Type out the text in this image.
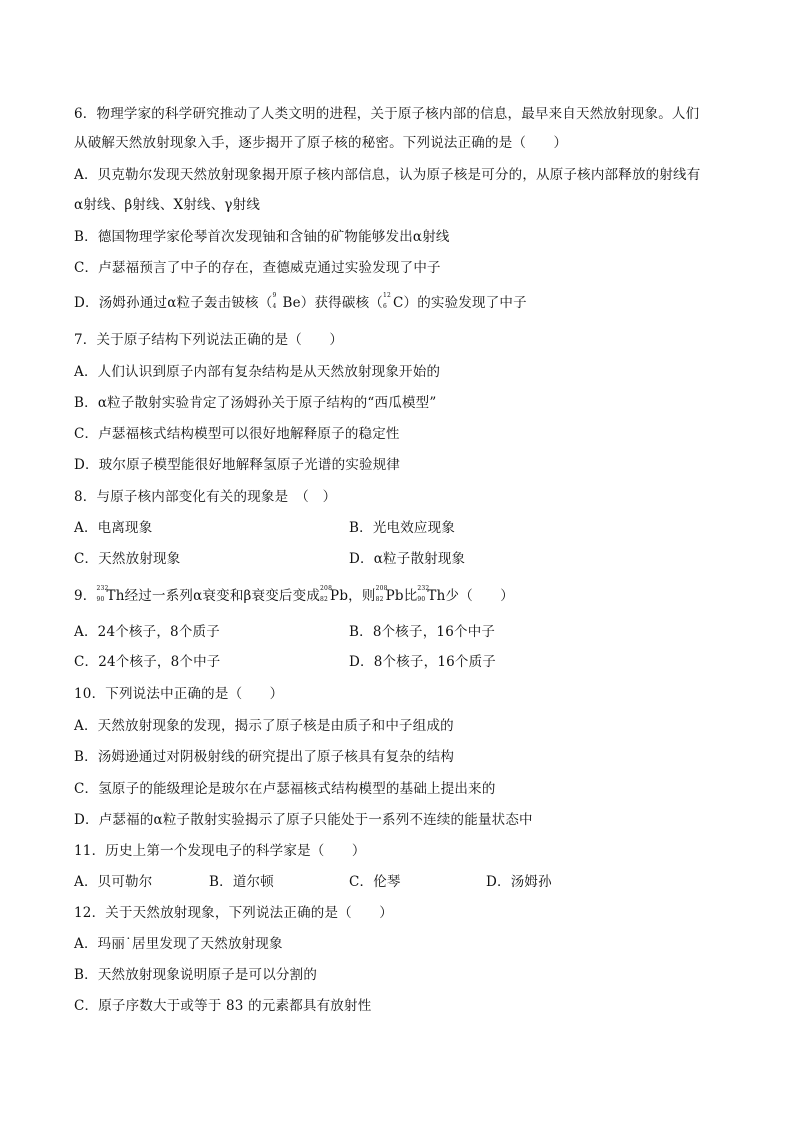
6．物理学家的科学研究推动了人类文明的进程，关于原子核内部的信息，最早来自天然放射现象。人们
从破解天然放射现象入手，逐步揭开了原子核的秘密。下列说法正确的是（　　）
A．贝克勒尔发现天然放射现象揭开原子核内部信息，认为原子核是可分的，从原子核内部释放的射线有
α射线、β射线、X射线、γ射线
B．德国物理学家伦琴首次发现铀和含铀的矿物能够发出α射线
C．卢瑟福预言了中子的存在，查德威克通过实验发现了中子
D．汤姆孙通过α粒子轰击铍核（ 9
4 Be）获得碳核（ 12
6 C）的实验发现了中子
7．关于原子结构下列说法正确的是（　　）
A．人们认识到原子内部有复杂结构是从天然放射现象开始的
B．α粒子散射实验肯定了汤姆孙关于原子结构的“西瓜模型”
C．卢瑟福核式结构模型可以很好地解释原子的稳定性
D．玻尔原子模型能很好地解释氢原子光谱的实验规律
8．与原子核内部变化有关的现象是　（　）
A．电离现象	B．光电效应现象
C．天然放射现象	D．α粒子散射现象
9． 232
90 Th经过一系列α衰变和β衰变后变成 208
82 Pb，则 208
82 Pb比 232
90 Th少（　　）
A．24个核子，8个质子	B．8个核子，16个中子
C．24个核子，8个中子	D．8个核子，16个质子
10．下列说法中正确的是（　　）
A．天然放射现象的发现，揭示了原子核是由质子和中子组成的
B．汤姆逊通过对阴极射线的研究提出了原子核具有复杂的结构
C．氢原子的能级理论是玻尔在卢瑟福核式结构模型的基础上提出来的
D．卢瑟福的α粒子散射实验揭示了原子只能处于一系列不连续的能量状态中
11．历史上第一个发现电子的科学家是（　　）
A．贝可勒尔	B．道尔顿	C．伦琴	D．汤姆孙
12．关于天然放射现象，下列说法正确的是（　　）
A．玛丽˙居里发现了天然放射现象
B．天然放射现象说明原子是可以分割的
C．原子序数大于或等于 83 的元素都具有放射性
